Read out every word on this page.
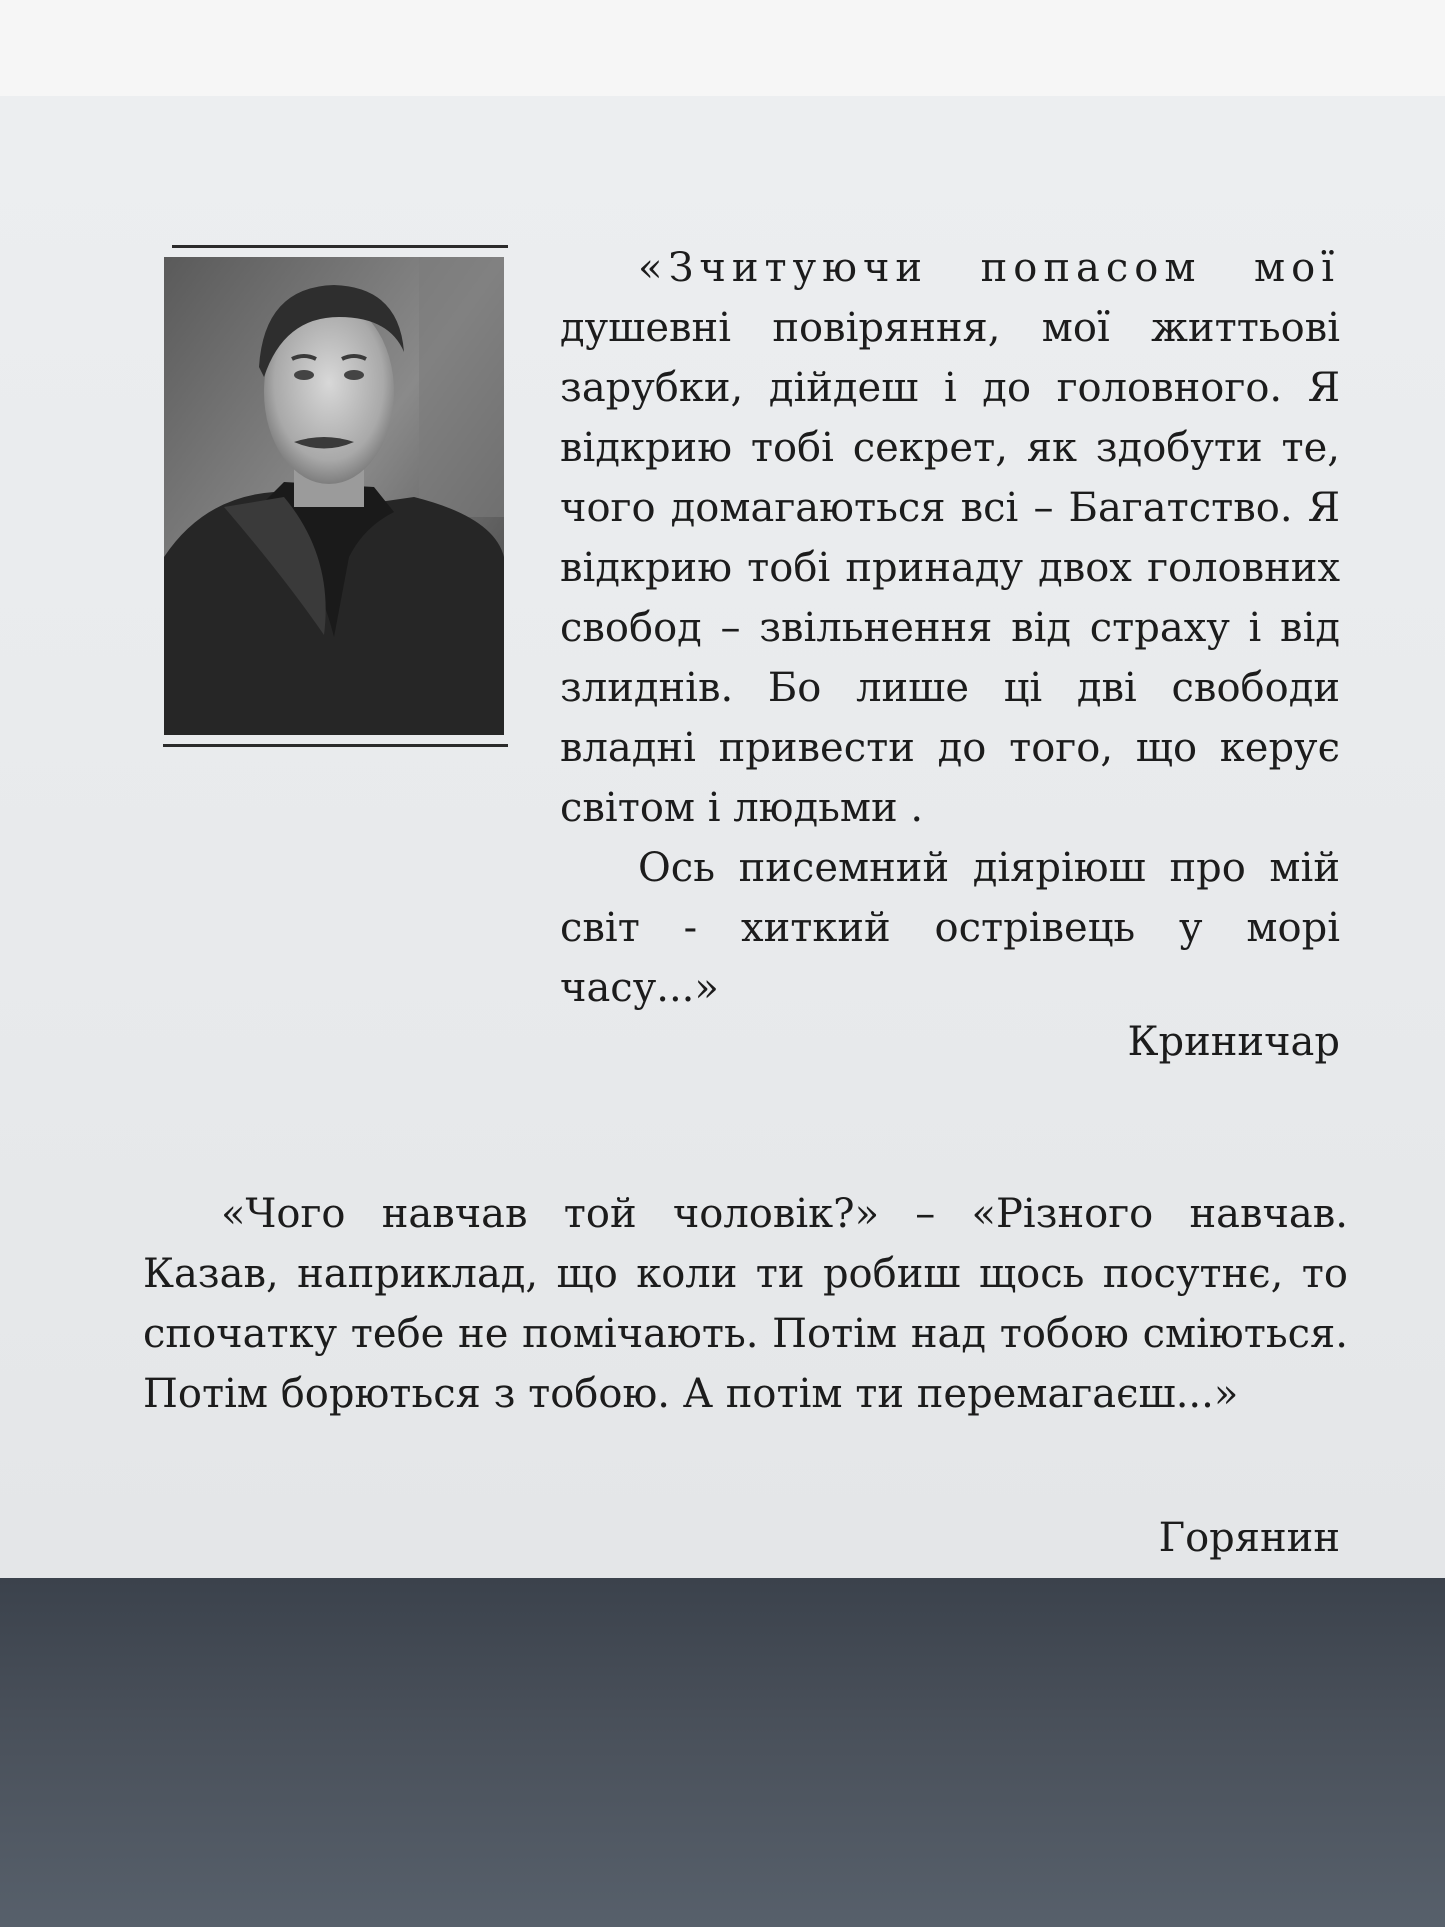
«Зчитуючи попасом мої душевні повіряння, мої життьові зарубки, дійдеш і до головного. Я відкрию тобі секрет, як здобути те, чого домагаються всі – Багатство. Я відкрию тобі принаду двох головних свобод – звільнення від страху і від злиднів. Бо лише ці дві свободи владні привести до того, що керує світом і людьми .

Ось писемний діяріюш про мій світ - хиткий острівець у морі часу...»

Криничар

«Чого навчав той чоловік?» – «Різного навчав. Казав, наприклад, що коли ти робиш щось посутнє, то спочатку тебе не помічають. Потім над тобою сміються. Потім борються з тобою. А потім ти перемагаєш...»

Горянин
